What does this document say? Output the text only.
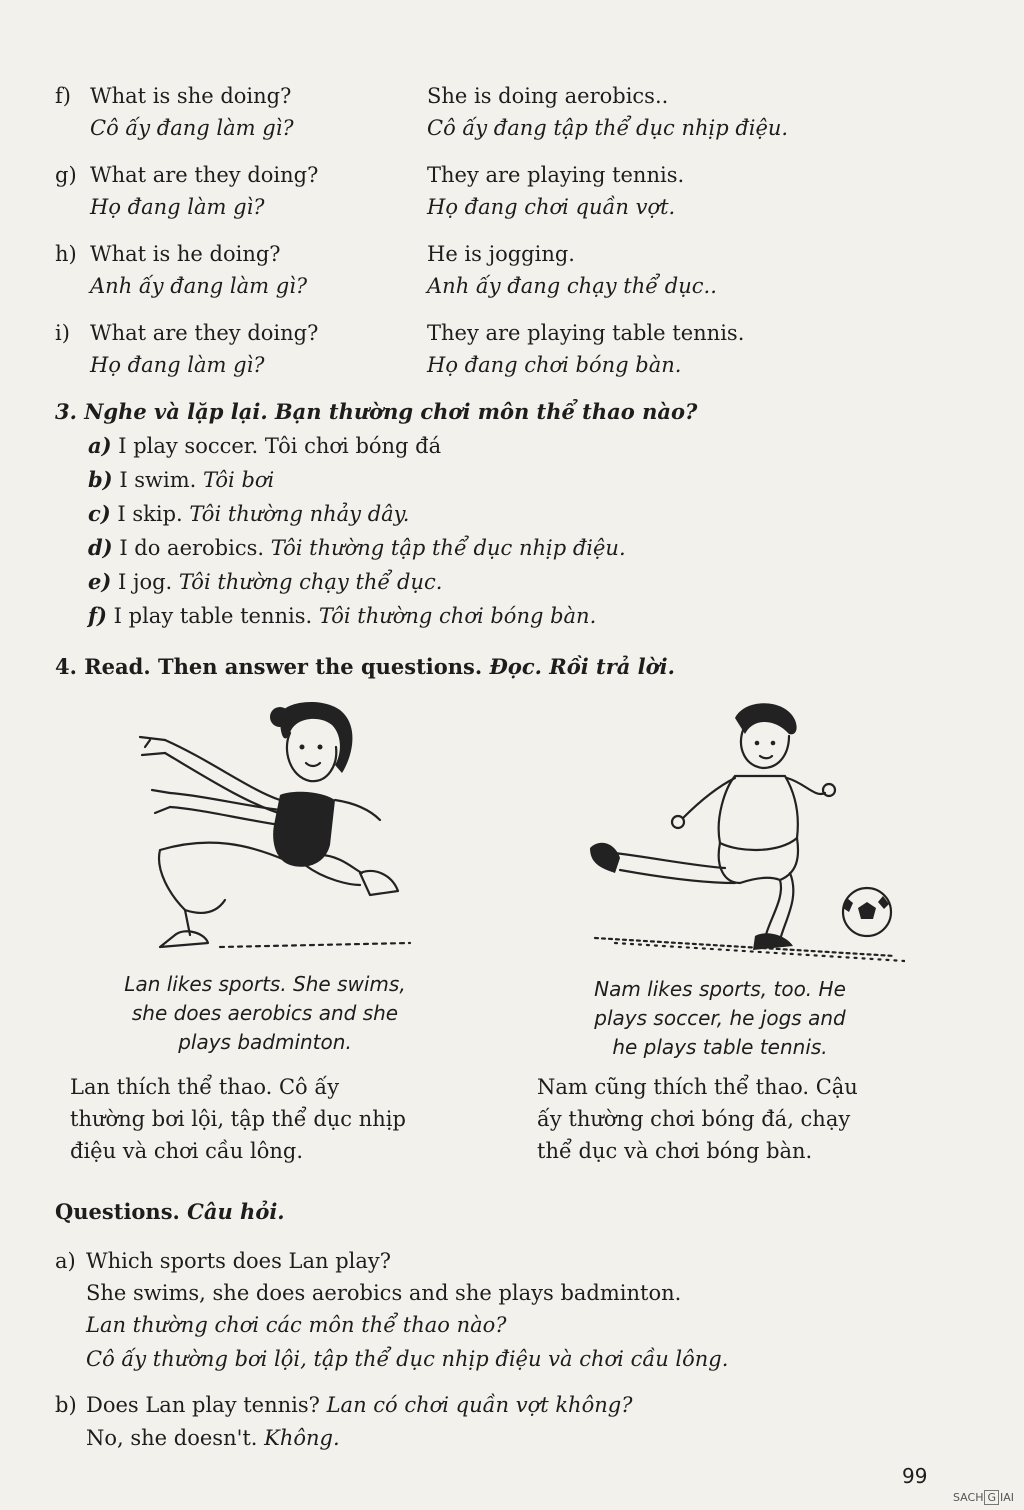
f) What is she doing?
Cô ấy đang làm gì?
She is doing aerobics..
Cô ấy đang tập thể dục nhịp điệu.
g) What are they doing?
Họ đang làm gì?
They are playing tennis.
Họ đang chơi quần vợt.
h) What is he doing?
Anh ấy đang làm gì?
He is jogging.
Anh ấy đang chạy thể dục..
i) What are they doing?
Họ đang làm gì?
They are playing table tennis.
Họ đang chơi bóng bàn.
3. Nghe và lặp lại. Bạn thường chơi môn thể thao nào?
a) I play soccer. Tôi chơi bóng đá
b) I swim. Tôi bơi
c) I skip. Tôi thường nhảy dây.
d) I do aerobics. Tôi thường tập thể dục nhịp điệu.
e) I jog. Tôi thường chạy thể dục.
f) I play table tennis. Tôi thường chơi bóng bàn.
4. Read. Then answer the questions. Đọc. Rồi trả lời.
Lan likes sports. She swims,
she does aerobics and she
plays badminton.
Nam likes sports, too. He
plays soccer, he jogs and
he plays table tennis.
Lan thích thể thao. Cô ấy
thường bơi lội, tập thể dục nhịp
điệu và chơi cầu lông.
Nam cũng thích thể thao. Cậu
ấy thường chơi bóng đá, chạy
thể dục và chơi bóng bàn.
Questions. Câu hỏi.
a) Which sports does Lan play?
She swims, she does aerobics and she plays badminton.
Lan thường chơi các môn thể thao nào?
Cô ấy thường bơi lội, tập thể dục nhịp điệu và chơi cầu lông.
b) Does Lan play tennis? Lan có chơi quần vợt không?
No, she doesn't. Không.
99
SACH G IAI
